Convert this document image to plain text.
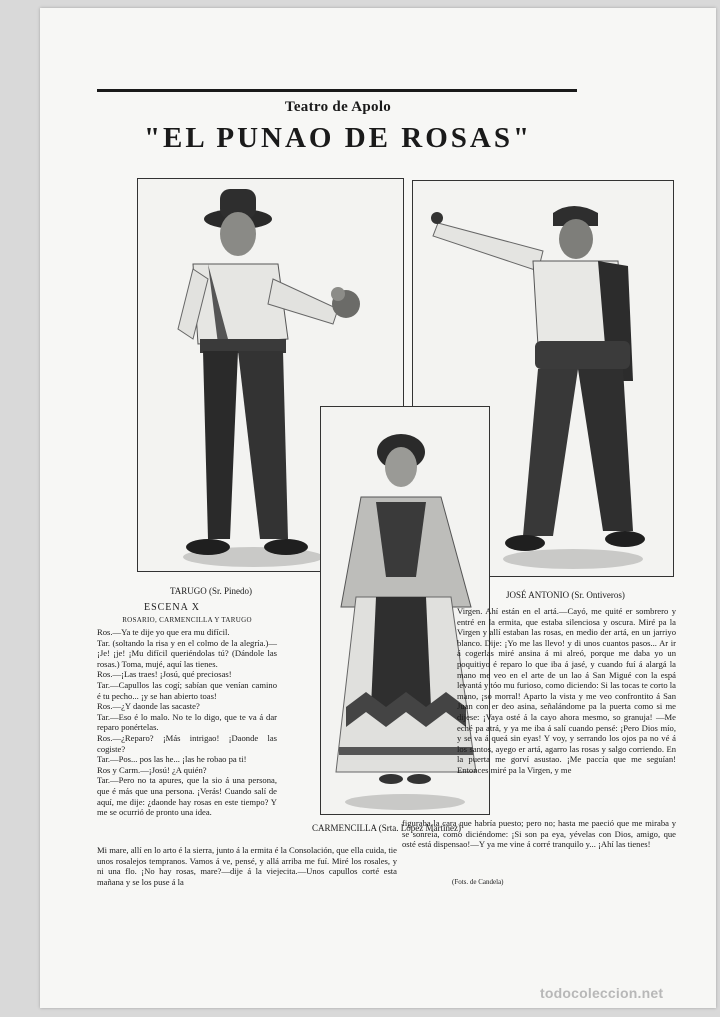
Teatro de Apolo
"EL PUNAO DE ROSAS"
TARUGO (Sr. Pinedo)	JOSÉ ANTONIO (Sr. Ontiveros)
CARMENCILLA (Srta. López Martínez)
ESCENA X
ROSARIO, CARMENCILLA Y TARUGO

Ros.—Ya te dije yo que era mu difícil.

Tar. (soltando la risa y en el colmo de la alegría.)—¡Je! ¡je! ¡Mu difícil queriéndolas tú? (Dándole las rosas.) Toma, mujé, aquí las tienes.

Ros.—¡Las traes! ¡Josú, qué preciosas!

Tar.—Capullos las cogí; sabían que venían camino é tu pecho... ¡y se han abierto toas!

Ros.—¿Y daonde las sacaste?

Tar.—Eso é lo malo. No te lo digo, que te va á dar reparo ponértelas.

Ros.—¿Reparo? ¡Más intrigao! ¡Daonde las cogiste?

Tar.—Pos... pos las he... ¡las he robao pa ti!

Ros y Carm.—¡Josú! ¿A quién?

Tar.—Pero no ta apures, que la sio á una persona, que é más que una persona. ¡Verás! Cuando salí de aquí, me dije: ¿daonde hay rosas en este tiempo? Y me se ocurrió de pronto una idea.

Mi mare, allí en lo arto é la sierra, junto á la ermita é la Consolación, que ella cuida, tie unos rosalejos tempranos. Vamos á ve, pensé, y allá arriba me fuí. Miré los rosales, y ni una flo. ¡No hay rosas, mare?—dije á la viejecita.—Unos capullos corté esta mañana y se los puse á la

Virgen. Ahí están en el artá.—Cayó, me quité er sombrero y entré en la ermita, que estaba silenciosa y oscura. Miré pa la Virgen y allí estaban las rosas, en medio der artá, en un jarriyo blanco. Dije: ¡Yo me las llevo! y di unos cuantos pasos... Ar ir á cogerlas miré ansina á mi alreó, porque me daba yo un poquitiyo é reparo lo que iba á jasé, y cuando fuí á alargá la mano me veo en el arte de un lao á San Migué con la espá levantá y tóo mu furioso, como diciendo: Si las tocas te corto la mano, ¡so morral! Aparto la vista y me veo confrontito á San Juan con er deo asina, señalándome pa la puerta como si me dijese: ¡Vaya osté á la cayo ahora mesmo, so granuja! —Me eché pa atrá, y ya me iba á salí cuando pensé: ¡Pero Dios mío, y se va á queá sin eyas! Y voy, y serrando los ojos pa no vé á los santos, ayego er artá, agarro las rosas y salgo corriendo. En la puerta me gorví asustao. ¡Me paccía que me seguían! Entonces miré pa la Virgen, y me

figuraba la cara que habría puesto; pero no; hasta me paeció que me miraba y se sonreía, como diciéndome: ¡Si son pa eya, yévelas con Dios, amigo, que osté está dispensao!—Y ya me vine á corré tranquilo y... ¡Ahí las tienes!

(Fots. de Candela)
todocoleccion.net
